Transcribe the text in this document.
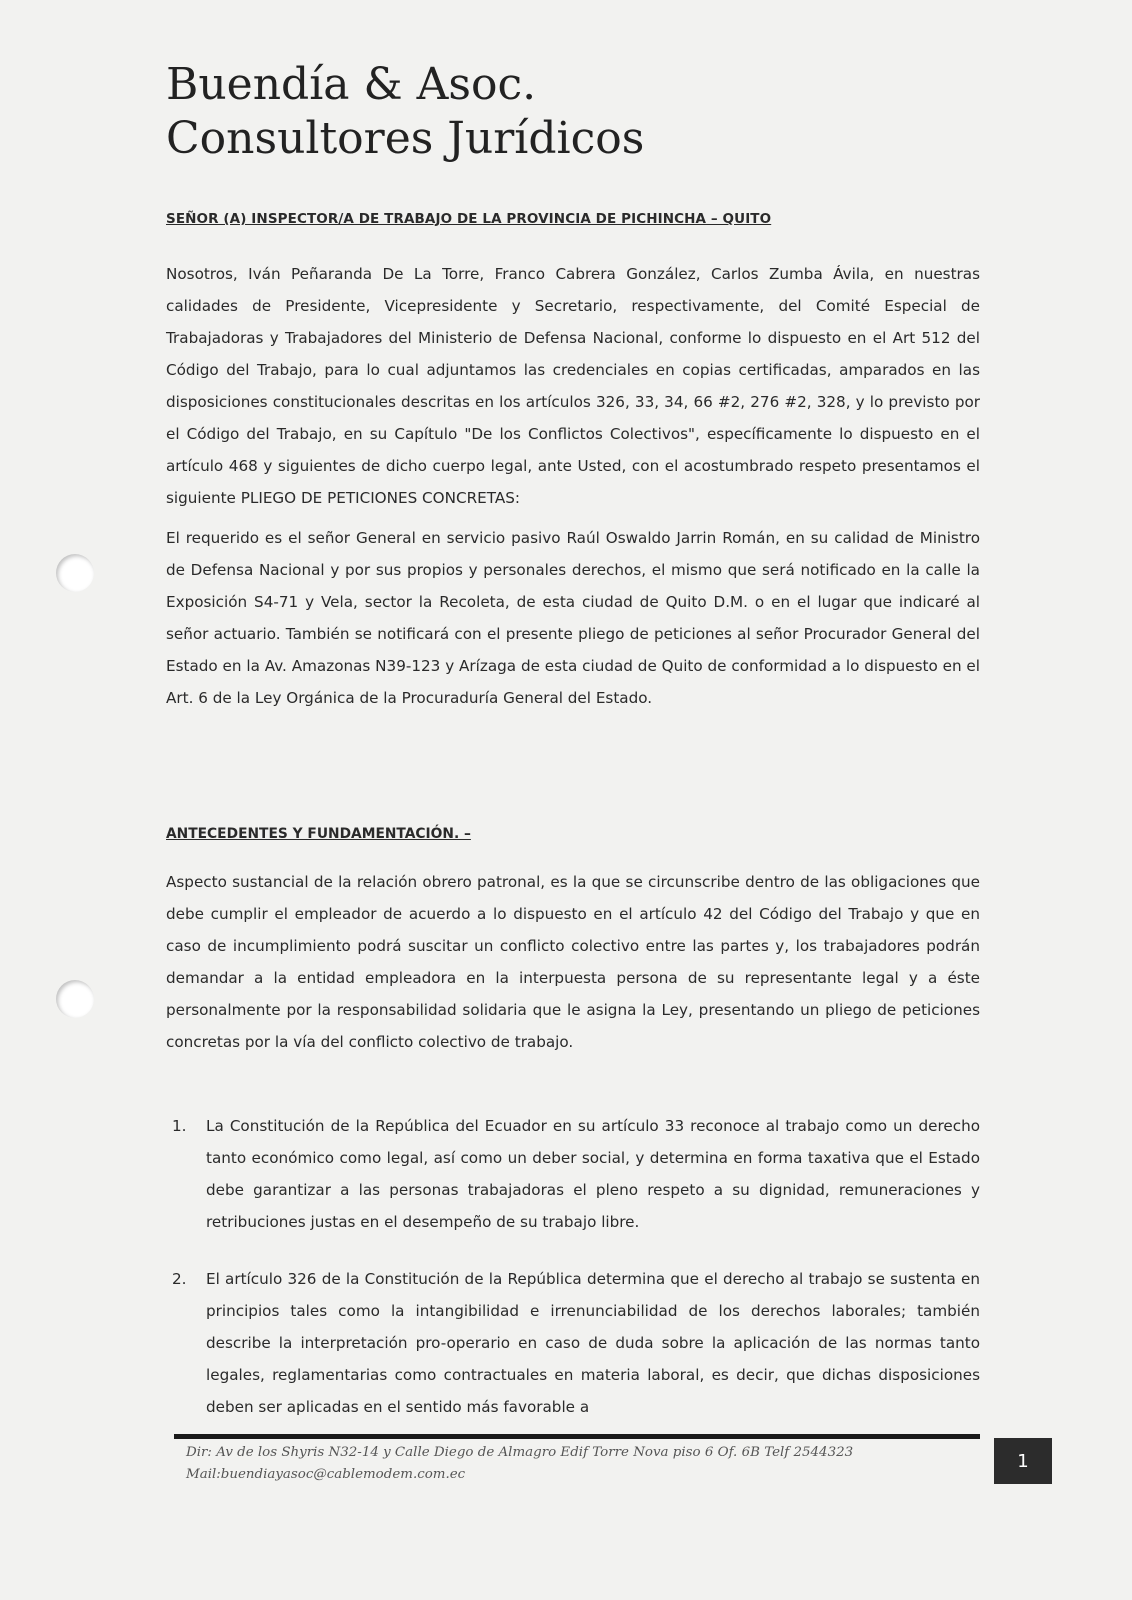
Buendía & Asoc.
Consultores Jurídicos
SEÑOR (A) INSPECTOR/A DE TRABAJO DE LA PROVINCIA DE PICHINCHA – QUITO

Nosotros, Iván Peñaranda De La Torre, Franco Cabrera González, Carlos Zumba Ávila, en nuestras calidades de Presidente, Vicepresidente y Secretario, respectivamente, del Comité Especial de Trabajadoras y Trabajadores del Ministerio de Defensa Nacional, conforme lo dispuesto en el Art 512 del Código del Trabajo, para lo cual adjuntamos las credenciales en copias certificadas, amparados en las disposiciones constitucionales descritas en los artículos 326, 33, 34, 66 #2, 276 #2, 328, y lo previsto por el Código del Trabajo, en su Capítulo "De los Conflictos Colectivos", específicamente lo dispuesto en el artículo 468 y siguientes de dicho cuerpo legal, ante Usted, con el acostumbrado respeto presentamos el siguiente PLIEGO DE PETICIONES CONCRETAS:

El requerido es el señor General en servicio pasivo Raúl Oswaldo Jarrin Román, en su calidad de Ministro de Defensa Nacional y por sus propios y personales derechos, el mismo que será notificado en la calle la Exposición S4-71 y Vela, sector la Recoleta, de esta ciudad de Quito D.M. o en el lugar que indicaré al señor actuario. También se notificará con el presente pliego de peticiones al señor Procurador General del Estado en la Av. Amazonas N39-123 y Arízaga de esta ciudad de Quito de conformidad a lo dispuesto en el Art. 6 de la Ley Orgánica de la Procuraduría General del Estado.

ANTECEDENTES Y FUNDAMENTACIÓN. –

Aspecto sustancial de la relación obrero patronal, es la que se circunscribe dentro de las obligaciones que debe cumplir el empleador de acuerdo a lo dispuesto en el artículo 42 del Código del Trabajo y que en caso de incumplimiento podrá suscitar un conflicto colectivo entre las partes y, los trabajadores podrán demandar a la entidad empleadora en la interpuesta persona de su representante legal y a éste personalmente por la responsabilidad solidaria que le asigna la Ley, presentando un pliego de peticiones concretas por la vía del conflicto colectivo de trabajo.

1. La Constitución de la República del Ecuador en su artículo 33 reconoce al trabajo como un derecho tanto económico como legal, así como un deber social, y determina en forma taxativa que el Estado debe garantizar a las personas trabajadoras el pleno respeto a su dignidad, remuneraciones y retribuciones justas en el desempeño de su trabajo libre.
2. El artículo 326 de la Constitución de la República determina que el derecho al trabajo se sustenta en principios tales como la intangibilidad e irrenunciabilidad de los derechos laborales; también describe la interpretación pro-operario en caso de duda sobre la aplicación de las normas tanto legales, reglamentarias como contractuales en materia laboral, es decir, que dichas disposiciones deben ser aplicadas en el sentido más favorable a
Dir: Av de los Shyris N32-14 y Calle Diego de Almagro Edif Torre Nova piso 6 Of. 6B Telf 2544323
Mail:buendiayasoc@cablemodem.com.ec
1
